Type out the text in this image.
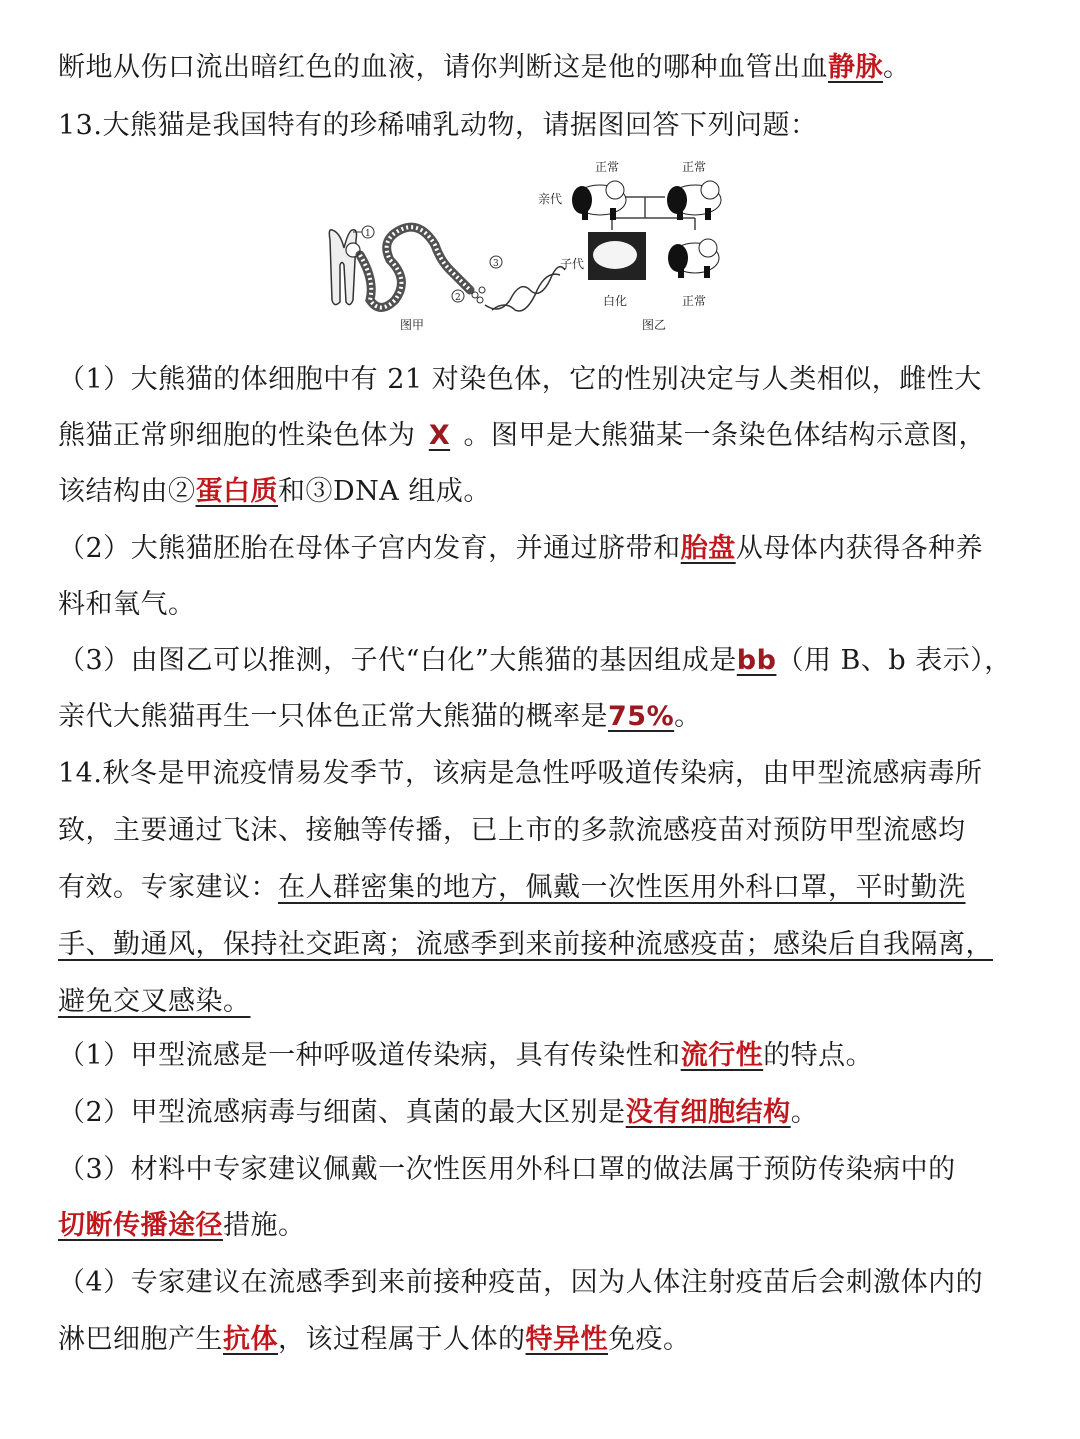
断地从伤口流出暗红色的血液，请你判断这是他的哪种血管出血静脉。
13.大熊猫是我国特有的珍稀哺乳动物，请据图回答下列问题：
1
2
3
正常	正常
亲代
子代
白化	正常
图甲	图乙
（1）大熊猫的体细胞中有 21 对染色体，它的性别决定与人类相似，雌性大
熊猫正常卵细胞的性染色体为 X 。图甲是大熊猫某一条染色体结构示意图，
该结构由②蛋白质和③DNA 组成。
（2）大熊猫胚胎在母体子宫内发育，并通过脐带和胎盘从母体内获得各种养
料和氧气。
（3）由图乙可以推测，子代“白化”大熊猫的基因组成是bb（用 B、b 表示），
亲代大熊猫再生一只体色正常大熊猫的概率是75%。
14.秋冬是甲流疫情易发季节，该病是急性呼吸道传染病，由甲型流感病毒所
致，主要通过飞沫、接触等传播，已上市的多款流感疫苗对预防甲型流感均
有效。专家建议：在人群密集的地方，佩戴一次性医用外科口罩，平时勤洗
手、勤通风，保持社交距离；流感季到来前接种流感疫苗；感染后自我隔离，
避免交叉感染。
（1）甲型流感是一种呼吸道传染病，具有传染性和流行性的特点。
（2）甲型流感病毒与细菌、真菌的最大区别是没有细胞结构。
（3）材料中专家建议佩戴一次性医用外科口罩的做法属于预防传染病中的
切断传播途径措施。
（4）专家建议在流感季到来前接种疫苗，因为人体注射疫苗后会刺激体内的
淋巴细胞产生抗体，该过程属于人体的特异性免疫。
